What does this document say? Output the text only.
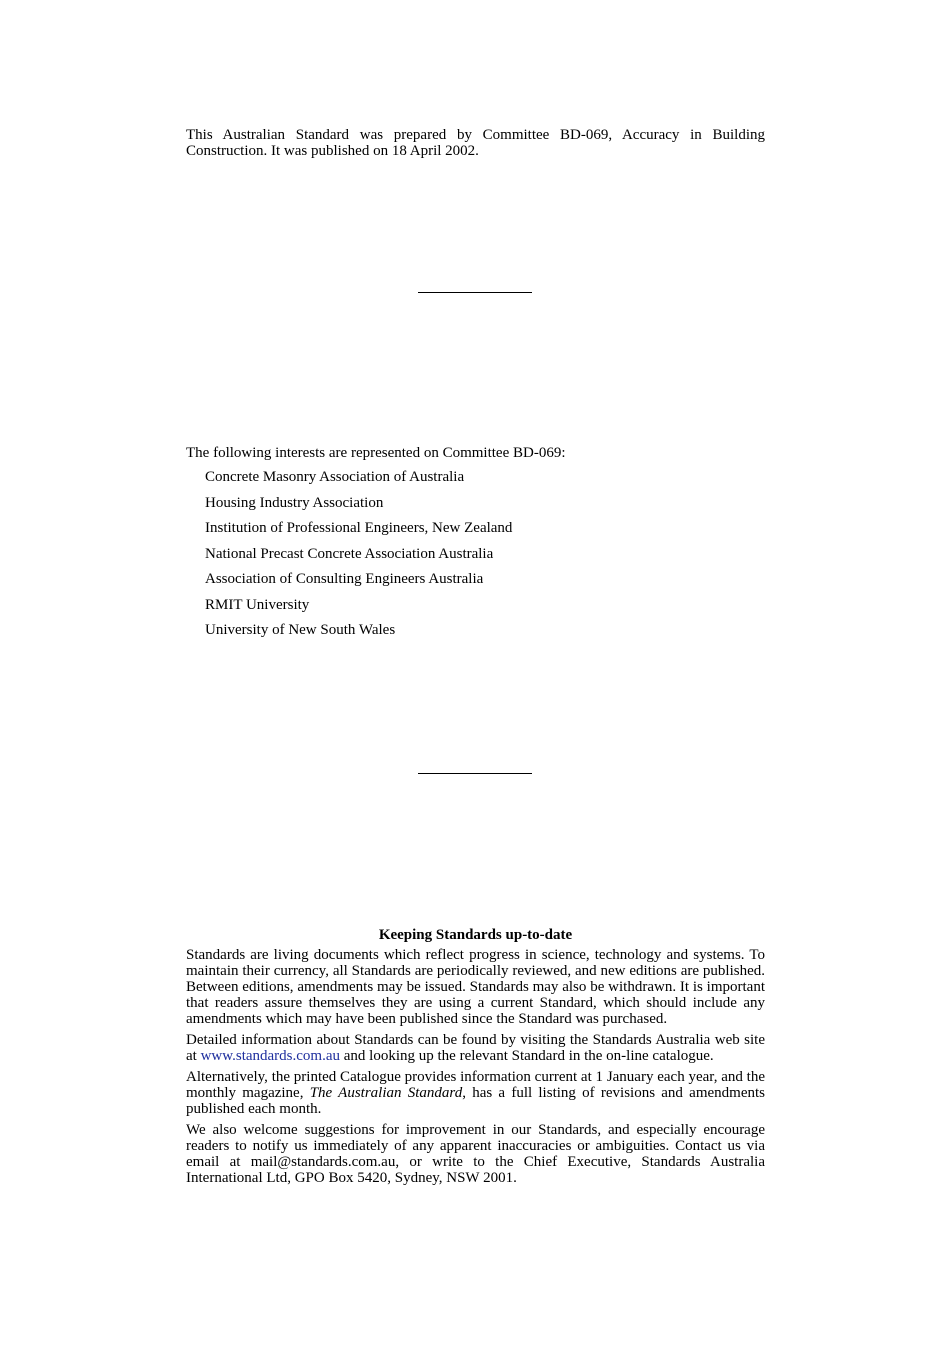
This Australian Standard was prepared by Committee BD-069, Accuracy in Building Construction. It was published on 18 April 2002.
The following interests are represented on Committee BD-069:
Concrete Masonry Association of Australia
Housing Industry Association
Institution of Professional Engineers, New Zealand
National Precast Concrete Association Australia
Association of Consulting Engineers Australia
RMIT University
University of New South Wales
Keeping Standards up-to-date

Standards are living documents which reflect progress in science, technology and systems. To maintain their currency, all Standards are periodically reviewed, and new editions are published. Between editions, amendments may be issued. Standards may also be withdrawn. It is important that readers assure themselves they are using a current Standard, which should include any amendments which may have been published since the Standard was purchased.

Detailed information about Standards can be found by visiting the Standards Australia web site at www.standards.com.au and looking up the relevant Standard in the on-line catalogue.

Alternatively, the printed Catalogue provides information current at 1 January each year, and the monthly magazine, The Australian Standard, has a full listing of revisions and amendments published each month.

We also welcome suggestions for improvement in our Standards, and especially encourage readers to notify us immediately of any apparent inaccuracies or ambiguities. Contact us via email at mail@standards.com.au, or write to the Chief Executive, Standards Australia International Ltd, GPO Box 5420, Sydney, NSW 2001.
